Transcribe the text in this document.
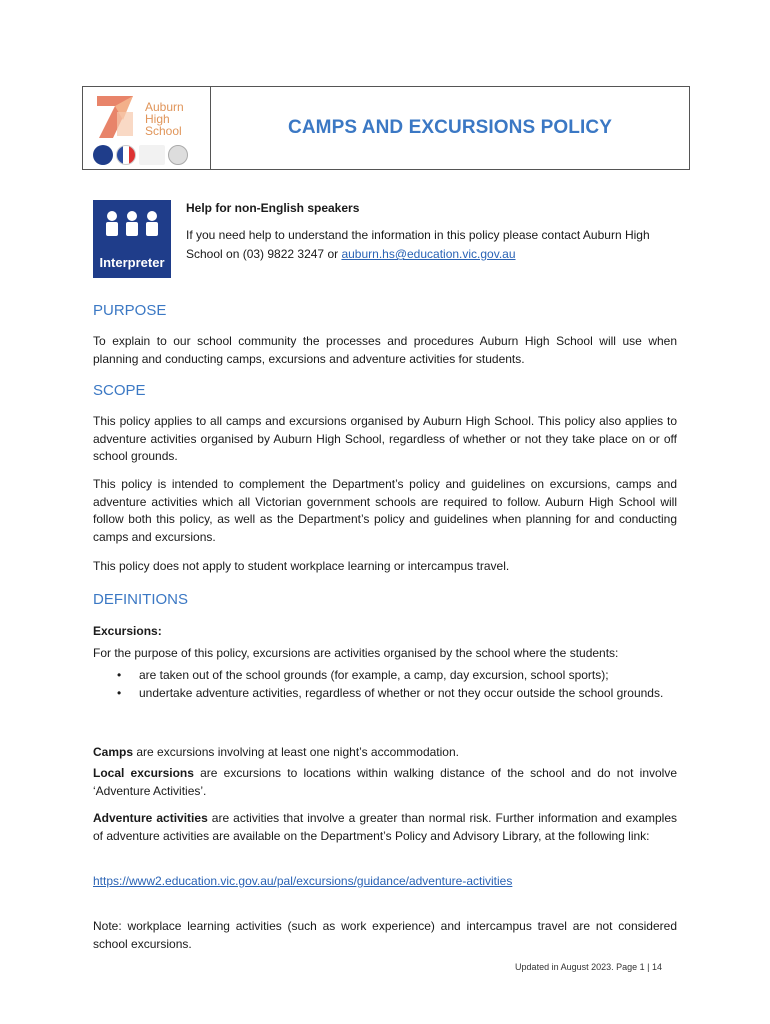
Auburn
High
School	CAMPS AND EXCURSIONS POLICY
Interpreter
Help for non-English speakers
If you need help to understand the information in this policy please contact Auburn High School on (03) 9822 3247 or auburn.hs@education.vic.gov.au
PURPOSE
To explain to our school community the processes and procedures Auburn High School will use when planning and conducting camps, excursions and adventure activities for students.
SCOPE
This policy applies to all camps and excursions organised by Auburn High School. This policy also applies to adventure activities organised by Auburn High School, regardless of whether or not they take place on or off school grounds.
This policy is intended to complement the Department’s policy and guidelines on excursions, camps and adventure activities which all Victorian government schools are required to follow. Auburn High School will follow both this policy, as well as the Department’s policy and guidelines when planning for and conducting camps and excursions.
This policy does not apply to student workplace learning or intercampus travel.
DEFINITIONS
Excursions:
For the purpose of this policy, excursions are activities organised by the school where the students:
• are taken out of the school grounds (for example, a camp, day excursion, school sports);
• undertake adventure activities, regardless of whether or not they occur outside the school grounds.
Camps are excursions involving at least one night’s accommodation.
Local excursions are excursions to locations within walking distance of the school and do not involve ‘Adventure Activities’.
Adventure activities are activities that involve a greater than normal risk. Further information and examples of adventure activities are available on the Department’s Policy and Advisory Library, at the following link:
https://www2.education.vic.gov.au/pal/excursions/guidance/adventure-activities
Note: workplace learning activities (such as work experience) and intercampus travel are not considered school excursions.
Updated in August 2023. Page 1 | 14
